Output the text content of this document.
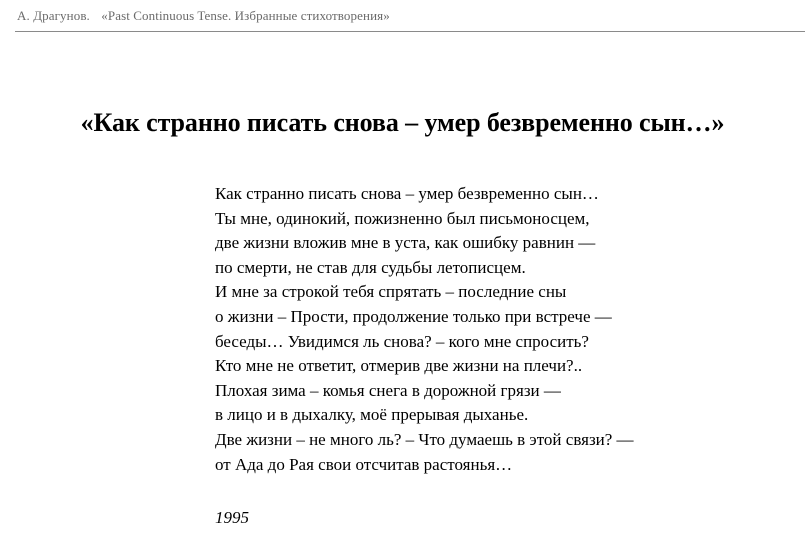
А. Драгунов. «Past Continuous Tense. Избранные стихотворения»
«Как странно писать снова – умер безвременно сын…»
Как странно писать снова – умер безвременно сын…
Ты мне, одинокий, пожизненно был письмоносцем,
две жизни вложив мне в уста, как ошибку равнин —
по смерти, не став для судьбы летописцем.
И мне за строкой тебя спрятать – последние сны
о жизни – Прости, продолжение только при встрече —
беседы… Увидимся ль снова? – кого мне спросить?
Кто мне не ответит, отмерив две жизни на плечи?..
Плохая зима – комья снега в дорожной грязи —
в лицо и в дыхалку, моё прерывая дыханье.
Две жизни – не много ль? – Что думаешь в этой связи? —
от Ада до Рая свои отсчитав растоянья…
1995
